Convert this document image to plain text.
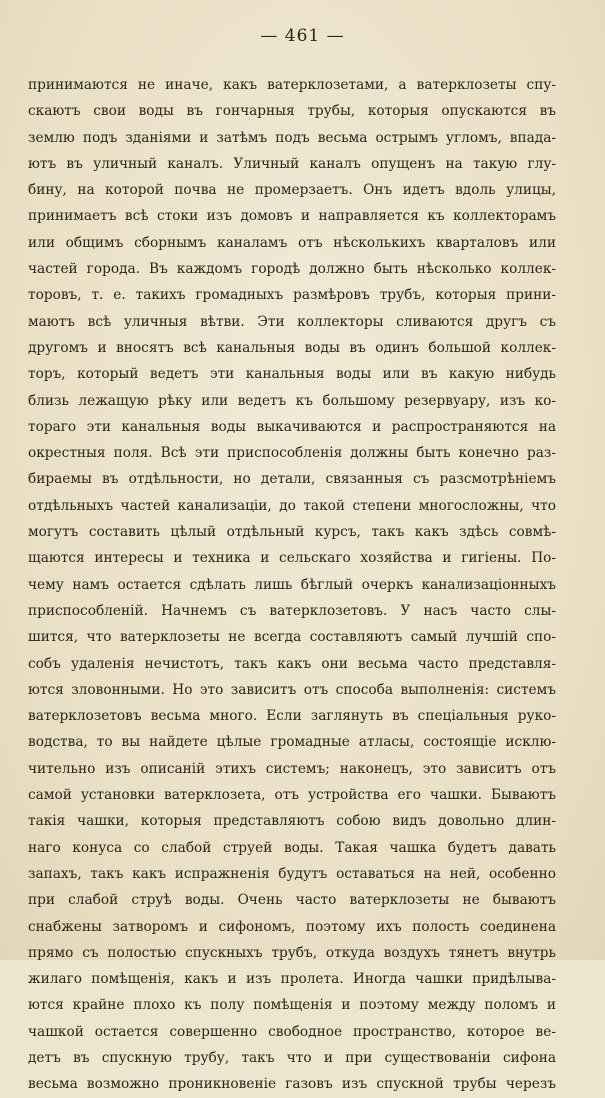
— 461 —
принимаются не иначе, какъ ватерклозетами, а ватерклозеты спу-
скаютъ свои воды въ гончарныя трубы, которыя опускаются въ
землю подъ зданіями и затѣмъ подъ весьма острымъ угломъ, впада-
ютъ въ уличный каналъ. Уличный каналъ опущенъ на такую глу-
бину, на которой почва не промерзаетъ. Онъ идетъ вдоль улицы,
принимаетъ всѣ стоки изъ домовъ и направляется къ коллекторамъ
или общимъ сборнымъ каналамъ отъ нѣсколькихъ кварталовъ или
частей города. Въ каждомъ городѣ должно быть нѣсколько коллек-
торовъ, т. е. такихъ громадныхъ размѣровъ трубъ, которыя прини-
маютъ всѣ уличныя вѣтви. Эти коллекторы сливаются другъ съ
другомъ и вносятъ всѣ канальныя воды въ одинъ большой коллек-
торъ, который ведетъ эти канальныя воды или въ какую нибудь
близь лежащую рѣку или ведетъ къ большому резервуару, изъ ко-
тораго эти канальныя воды выкачиваются и распространяются на
окрестныя поля. Всѣ эти приспособленія должны быть конечно раз-
бираемы въ отдѣльности, но детали, связанныя съ разсмотрѣніемъ
отдѣльныхъ частей канализаціи, до такой степени многосложны, что
могутъ составить цѣлый отдѣльный курсъ, такъ какъ здѣсь совмѣ-
щаются интересы и техника и сельскаго хозяйства и гигіены. По-
чему намъ остается сдѣлать лишь бѣглый очеркъ канализаціонныхъ
приспособленій. Начнемъ съ ватерклозетовъ. У насъ часто слы-
шится, что ватерклозеты не всегда составляютъ самый лучшій спо-
собъ удаленія нечистотъ, такъ какъ они весьма часто представля-
ются зловонными. Но это зависитъ отъ способа выполненія: системъ
ватерклозетовъ весьма много. Если заглянуть въ спеціальныя руко-
водства, то вы найдете цѣлые громадные атласы, состоящіе исклю-
чительно изъ описаній этихъ системъ; наконецъ, это зависитъ отъ
самой установки ватерклозета, отъ устройства его чашки. Бываютъ
такія чашки, которыя представляютъ собою видъ довольно длин-
наго конуса со слабой струей воды. Такая чашка будетъ давать
запахъ, такъ какъ испражненія будутъ оставаться на ней, особенно
при слабой струѣ воды. Очень часто ватерклозеты не бываютъ
снабжены затворомъ и сифономъ, поэтому ихъ полость соединена
прямо съ полостью спускныхъ трубъ, откуда воздухъ тянетъ внутрь
жилаго помѣщенія, какъ и изъ пролета. Иногда чашки придѣлыва-
ются крайне плохо къ полу помѣщенія и поэтому между поломъ и
чашкой остается совершенно свободное пространство, которое ве-
детъ въ спускную трубу, такъ что и при существованіи сифона
весьма возможно проникновеніе газовъ изъ спускной трубы черезъ
